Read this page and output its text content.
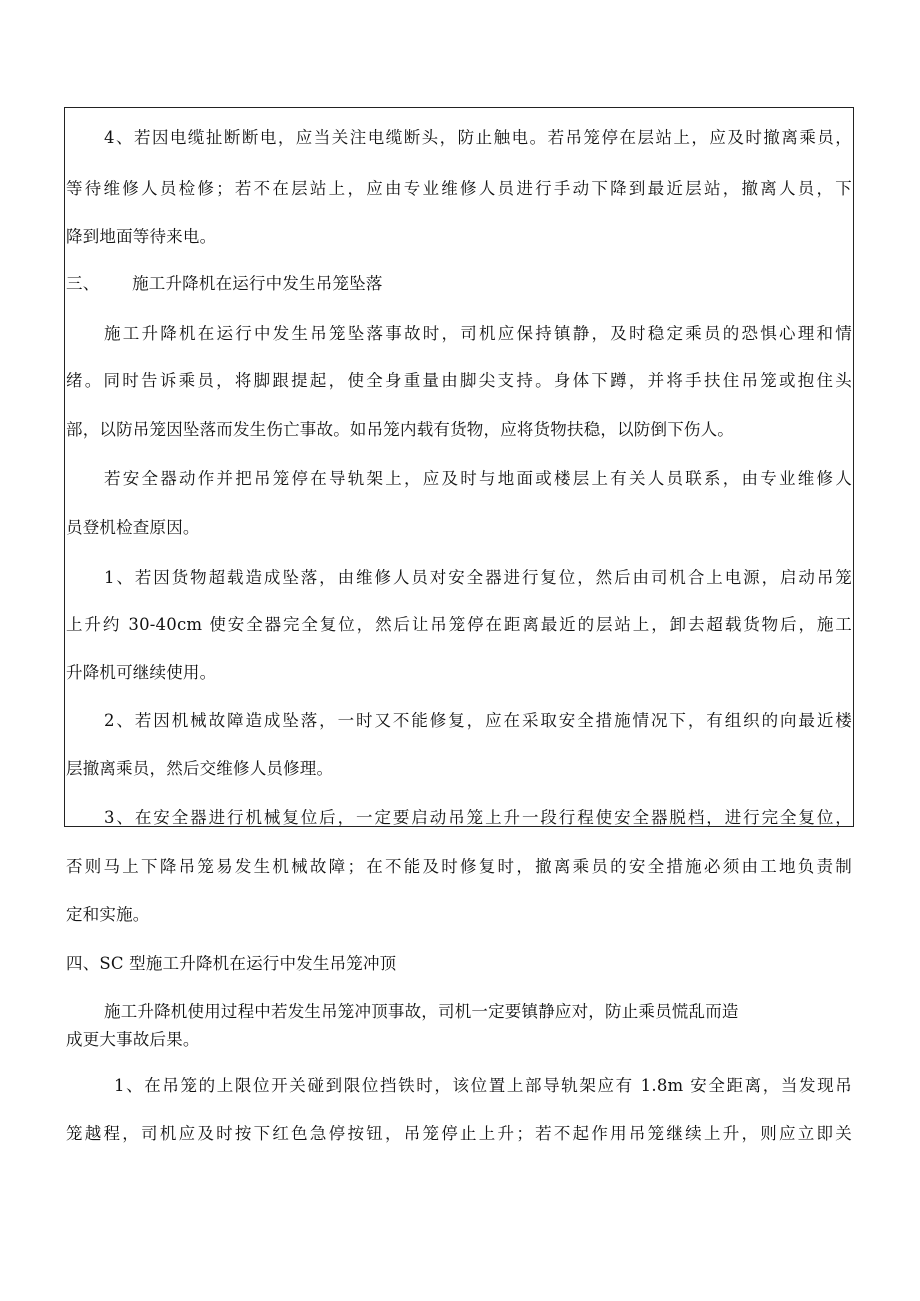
4、若因电缆扯断断电，应当关注电缆断头，防止触电。若吊笼停在层站上，应及时撤离乘员，
等待维修人员检修；若不在层站上，应由专业维修人员进行手动下降到最近层站，撤离人员，下
降到地面等待来电。
三、      施工升降机在运行中发生吊笼坠落
施工升降机在运行中发生吊笼坠落事故时，司机应保持镇静，及时稳定乘员的恐惧心理和情
绪。同时告诉乘员，将脚跟提起，使全身重量由脚尖支持。身体下蹲，并将手扶住吊笼或抱住头
部，以防吊笼因坠落而发生伤亡事故。如吊笼内载有货物，应将货物扶稳，以防倒下伤人。
若安全器动作并把吊笼停在导轨架上，应及时与地面或楼层上有关人员联系，由专业维修人
员登机检查原因。
1、若因货物超载造成坠落，由维修人员对安全器进行复位，然后由司机合上电源，启动吊笼
上升约 30-40cm 使安全器完全复位，然后让吊笼停在距离最近的层站上，卸去超载货物后，施工
升降机可继续使用。
2、若因机械故障造成坠落，一时又不能修复，应在采取安全措施情况下，有组织的向最近楼
层撤离乘员，然后交维修人员修理。
3、在安全器进行机械复位后，一定要启动吊笼上升一段行程使安全器脱档，进行完全复位，
否则马上下降吊笼易发生机械故障；在不能及时修复时，撤离乘员的安全措施必须由工地负责制
定和实施。
四、SC 型施工升降机在运行中发生吊笼冲顶
施工升降机使用过程中若发生吊笼冲顶事故，司机一定要镇静应对，防止乘员慌乱而造
成更大事故后果。
1、在吊笼的上限位开关碰到限位挡铁时，该位置上部导轨架应有 1.8m 安全距离，当发现吊
笼越程，司机应及时按下红色急停按钮，吊笼停止上升；若不起作用吊笼继续上升，则应立即关
